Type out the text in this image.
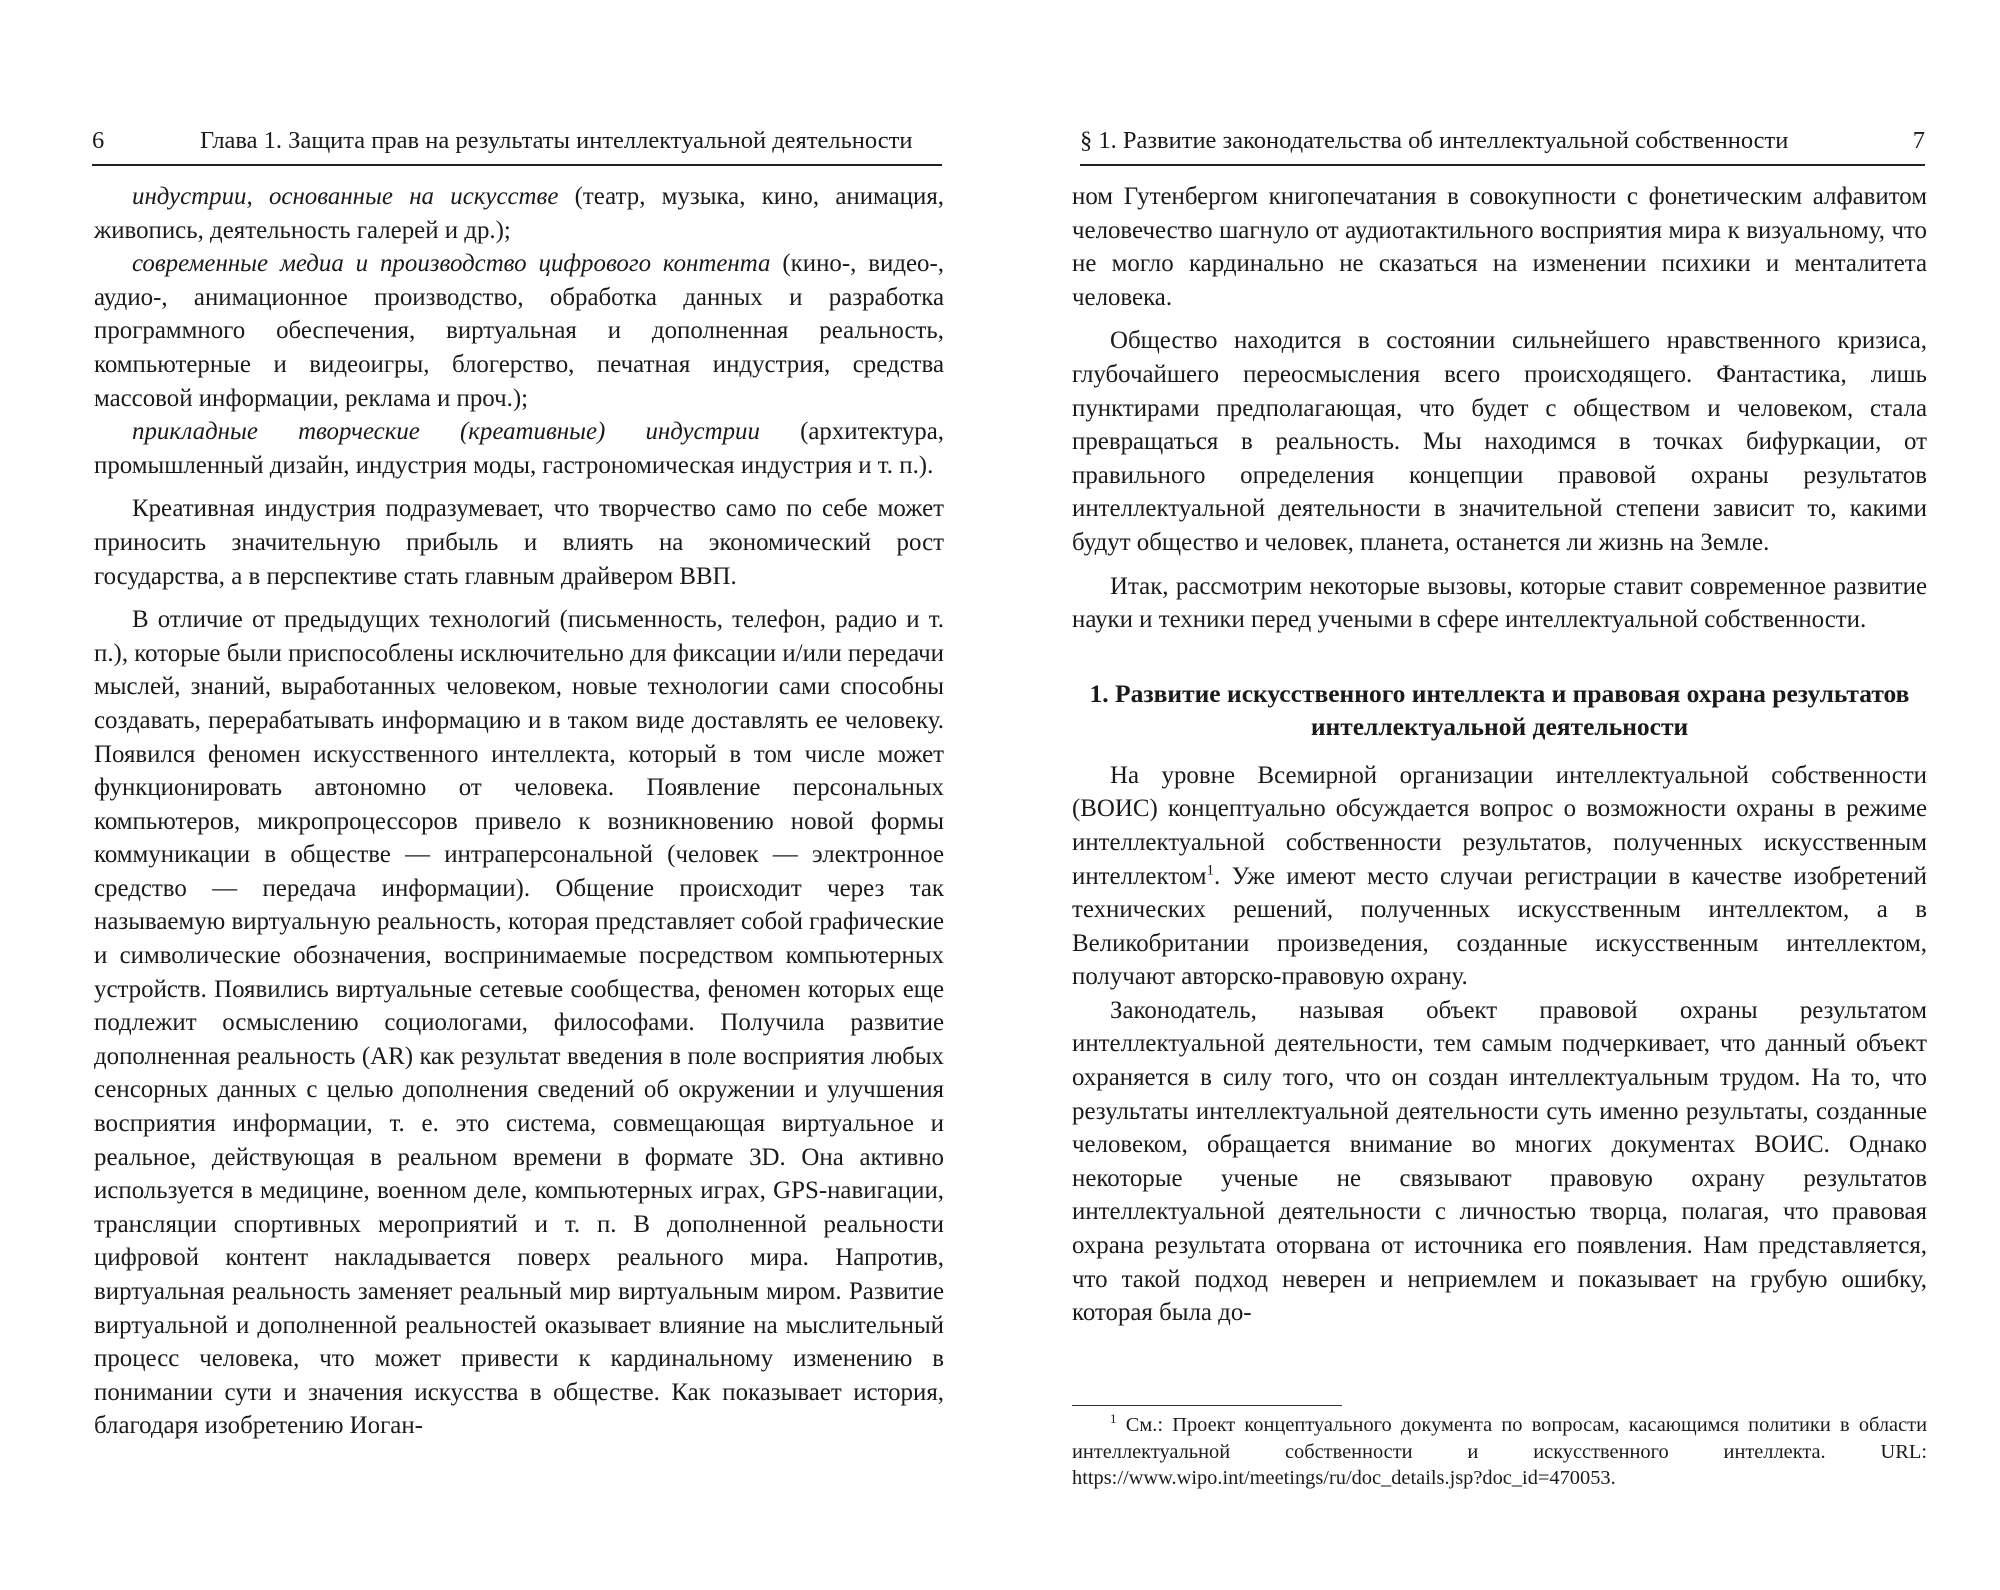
6	Глава 1. Защита прав на результаты интеллектуальной деятельности

индустрии, основанные на искусстве (театр, музыка, кино, анимация, живопись, деятельность галерей и др.);

современные медиа и производство цифрового контента (кино-, видео-, аудио-, анимационное производство, обработка данных и разработка программного обеспечения, виртуальная и дополненная реальность, компьютерные и видеоигры, блогерство, печатная индустрия, средства массовой информации, реклама и проч.);

прикладные творческие (креативные) индустрии (архитектура, промышленный дизайн, индустрия моды, гастрономическая индустрия и т. п.).

Креативная индустрия подразумевает, что творчество само по себе может приносить значительную прибыль и влиять на экономический рост государства, а в перспективе стать главным драйвером ВВП.

В отличие от предыдущих технологий (письменность, телефон, радио и т. п.), которые были приспособлены исключительно для фиксации и/или передачи мыслей, знаний, выработанных человеком, новые технологии сами способны создавать, перерабатывать информацию и в таком виде доставлять ее человеку. Появился феномен искусственного интеллекта, который в том числе может функционировать автономно от человека. Появление персональных компьютеров, микропроцессоров привело к возникновению новой формы коммуникации в обществе — интраперсональной (человек — электронное средство — передача информации). Общение происходит через так называемую виртуальную реальность, которая представляет собой графические и символические обозначения, воспринимаемые посредством компьютерных устройств. Появились виртуальные сетевые сообщества, феномен которых еще подлежит осмыслению социологами, философами. Получила развитие дополненная реальность (AR) как результат введения в поле восприятия любых сенсорных данных с целью дополнения сведений об окружении и улучшения восприятия информации, т. е. это система, совмещающая виртуальное и реальное, действующая в реальном времени в формате 3D. Она активно используется в медицине, военном деле, компьютерных играх, GPS-навигации, трансляции спортивных мероприятий и т. п. В дополненной реальности цифровой контент накладывается поверх реального мира. Напротив, виртуальная реальность заменяет реальный мир виртуальным миром. Развитие виртуальной и дополненной реальностей оказывает влияние на мыслительный процесс человека, что может привести к кардинальному изменению в понимании сути и значения искусства в обществе. Как показывает история, благодаря изобретению Иоган-

§ 1. Развитие законодательства об интеллектуальной собственности	7

ном Гутенбергом книгопечатания в совокупности с фонетическим алфавитом человечество шагнуло от аудиотактильного восприятия мира к визуальному, что не могло кардинально не сказаться на изменении психики и менталитета человека.

Общество находится в состоянии сильнейшего нравственного кризиса, глубочайшего переосмысления всего происходящего. Фантастика, лишь пунктирами предполагающая, что будет с обществом и человеком, стала превращаться в реальность. Мы находимся в точках бифуркации, от правильного определения концепции правовой охраны результатов интеллектуальной деятельности в значительной степени зависит то, какими будут общество и человек, планета, останется ли жизнь на Земле.

Итак, рассмотрим некоторые вызовы, которые ставит современное развитие науки и техники перед учеными в сфере интеллектуальной собственности.

1. Развитие искусственного интеллекта и правовая охрана результатов интеллектуальной деятельности

На уровне Всемирной организации интеллектуальной собственности (ВОИС) концептуально обсуждается вопрос о возможности охраны в режиме интеллектуальной собственности результатов, полученных искусственным интеллектом$^1$. Уже имеют место случаи регистрации в качестве изобретений технических решений, полученных искусственным интеллектом, а в Великобритании произведения, созданные искусственным интеллектом, получают авторско-правовую охрану.

Законодатель, называя объект правовой охраны результатом интеллектуальной деятельности, тем самым подчеркивает, что данный объект охраняется в силу того, что он создан интеллектуальным трудом. На то, что результаты интеллектуальной деятельности суть именно результаты, созданные человеком, обращается внимание во многих документах ВОИС. Однако некоторые ученые не связывают правовую охрану результатов интеллектуальной деятельности с личностью творца, полагая, что правовая охрана результата оторвана от источника его появления. Нам представляется, что такой подход неверен и неприемлем и показывает на грубую ошибку, которая была до-

$^1$ См.: Проект концептуального документа по вопросам, касающимся политики в области интеллектуальной собственности и искусственного интеллекта. URL: https://www.wipo.int/meetings/ru/doc_details.jsp?doc_id=470053.
